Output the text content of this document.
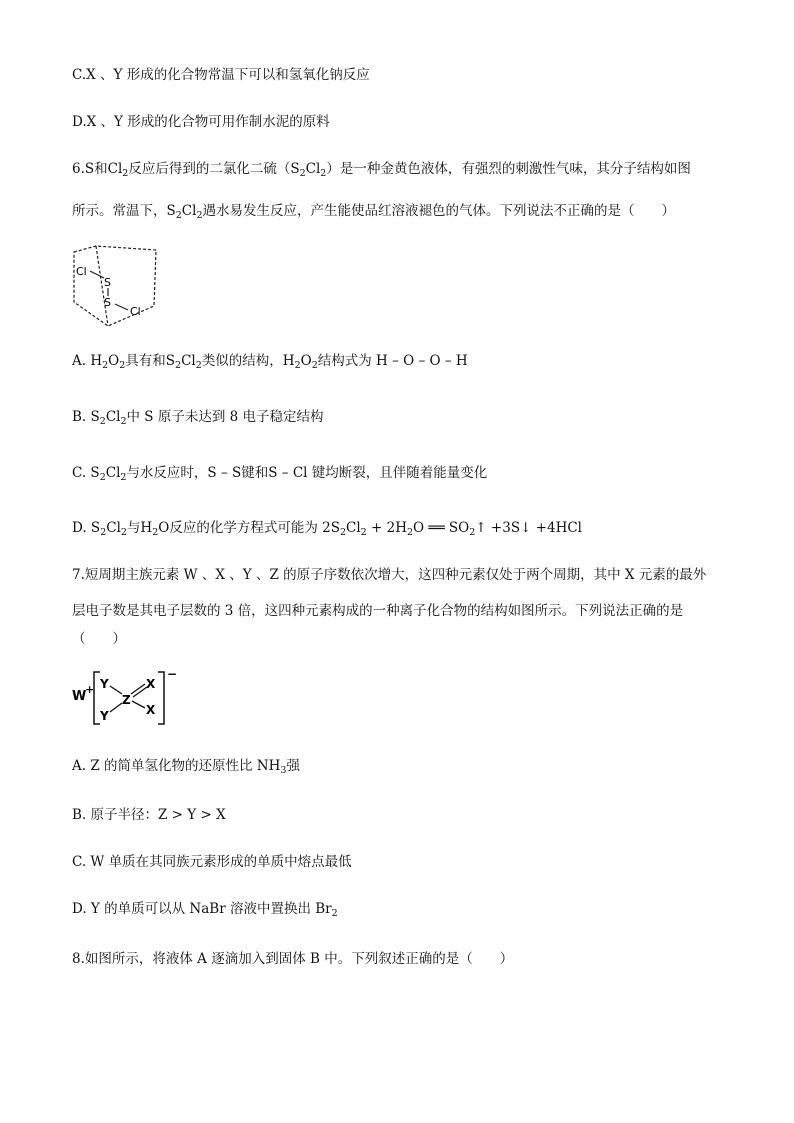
C.X 、Y 形成的化合物常温下可以和氢氧化钠反应
D.X 、Y 形成的化合物可用作制水泥的原料
6.S和$Cl_2$反应后得到的二氯化二硫$(S_2Cl_2)$是一种金黄色液体，有强烈的刺激性气味，其分子结构如图
所示。常温下，$S_2Cl_2$遇水易发生反应，产生能使品红溶液褪色的气体。下列说法不正确的是（　　）
Cl
S
S
Cl
A. $H_2O_2$具有和$S_2Cl_2$类似的结构，$H_2O_2$结构式为 H – O – O – H
B. $S_2Cl_2$中 S 原子未达到 8 电子稳定结构
C. $S_2Cl_2$与水反应时，S – S键和S – Cl 键均断裂，且伴随着能量变化
D. $S_2Cl_2$与$H_2O$反应的化学方程式可能为 $2S_2Cl_2 + 2H_2O$ ══ $SO_2↑$ +3S↓ +4HCl
7.短周期主族元素 W 、X 、Y 、Z 的原子序数依次增大，这四种元素仅处于两个周期，其中 X 元素的最外
层电子数是其电子层数的 3 倍，这四种元素构成的一种离子化合物的结构如图所示。下列说法正确的是
（　　）
W
+ Y
Y
Z
X
X
−
A. Z 的简单氢化物的还原性比 $NH_3$强
B. 原子半径：Z > Y > X
C. W 单质在其同族元素形成的单质中熔点最低
D. Y 的单质可以从 NaBr 溶液中置换出 $Br_2$
8.如图所示，将液体 A 逐滴加入到固体 B 中。下列叙述正确的是（　　）
